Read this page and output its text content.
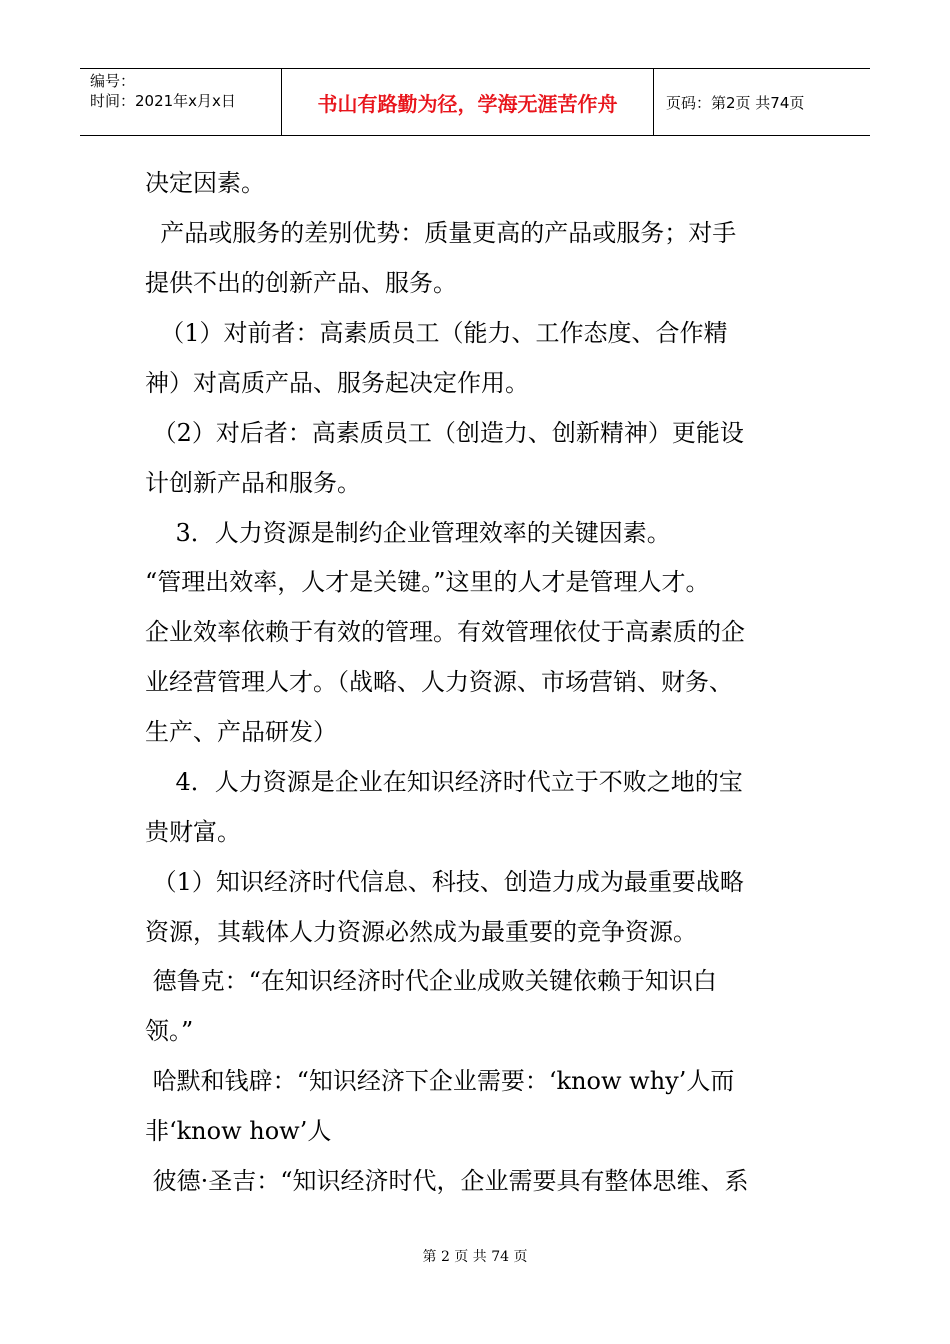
编号：
时间：2021年x月x日	书山有路勤为径，学海无涯苦作舟	页码：第2页 共74页
决定因素。
产品或服务的差别优势：质量更高的产品或服务；对手
提供不出的创新产品、服务。
（1）对前者：高素质员工（能力、工作态度、合作精
神）对高质产品、服务起决定作用。
（2）对后者：高素质员工（创造力、创新精神）更能设
计创新产品和服务。
3．人力资源是制约企业管理效率的关键因素。
“管理出效率，人才是关键。”这里的人才是管理人才。
企业效率依赖于有效的管理。有效管理依仗于高素质的企
业经营管理人才。（战略、人力资源、市场营销、财务、
生产、产品研发）
4．人力资源是企业在知识经济时代立于不败之地的宝
贵财富。
（1）知识经济时代信息、科技、创造力成为最重要战略
资源，其载体人力资源必然成为最重要的竞争资源。
德鲁克：“在知识经济时代企业成败关键依赖于知识白
领。”
哈默和钱辟：“知识经济下企业需要：‘know why’人而
非‘know how’人
彼德·圣吉：“知识经济时代，企业需要具有整体思维、系
第 2 页 共 74 页
